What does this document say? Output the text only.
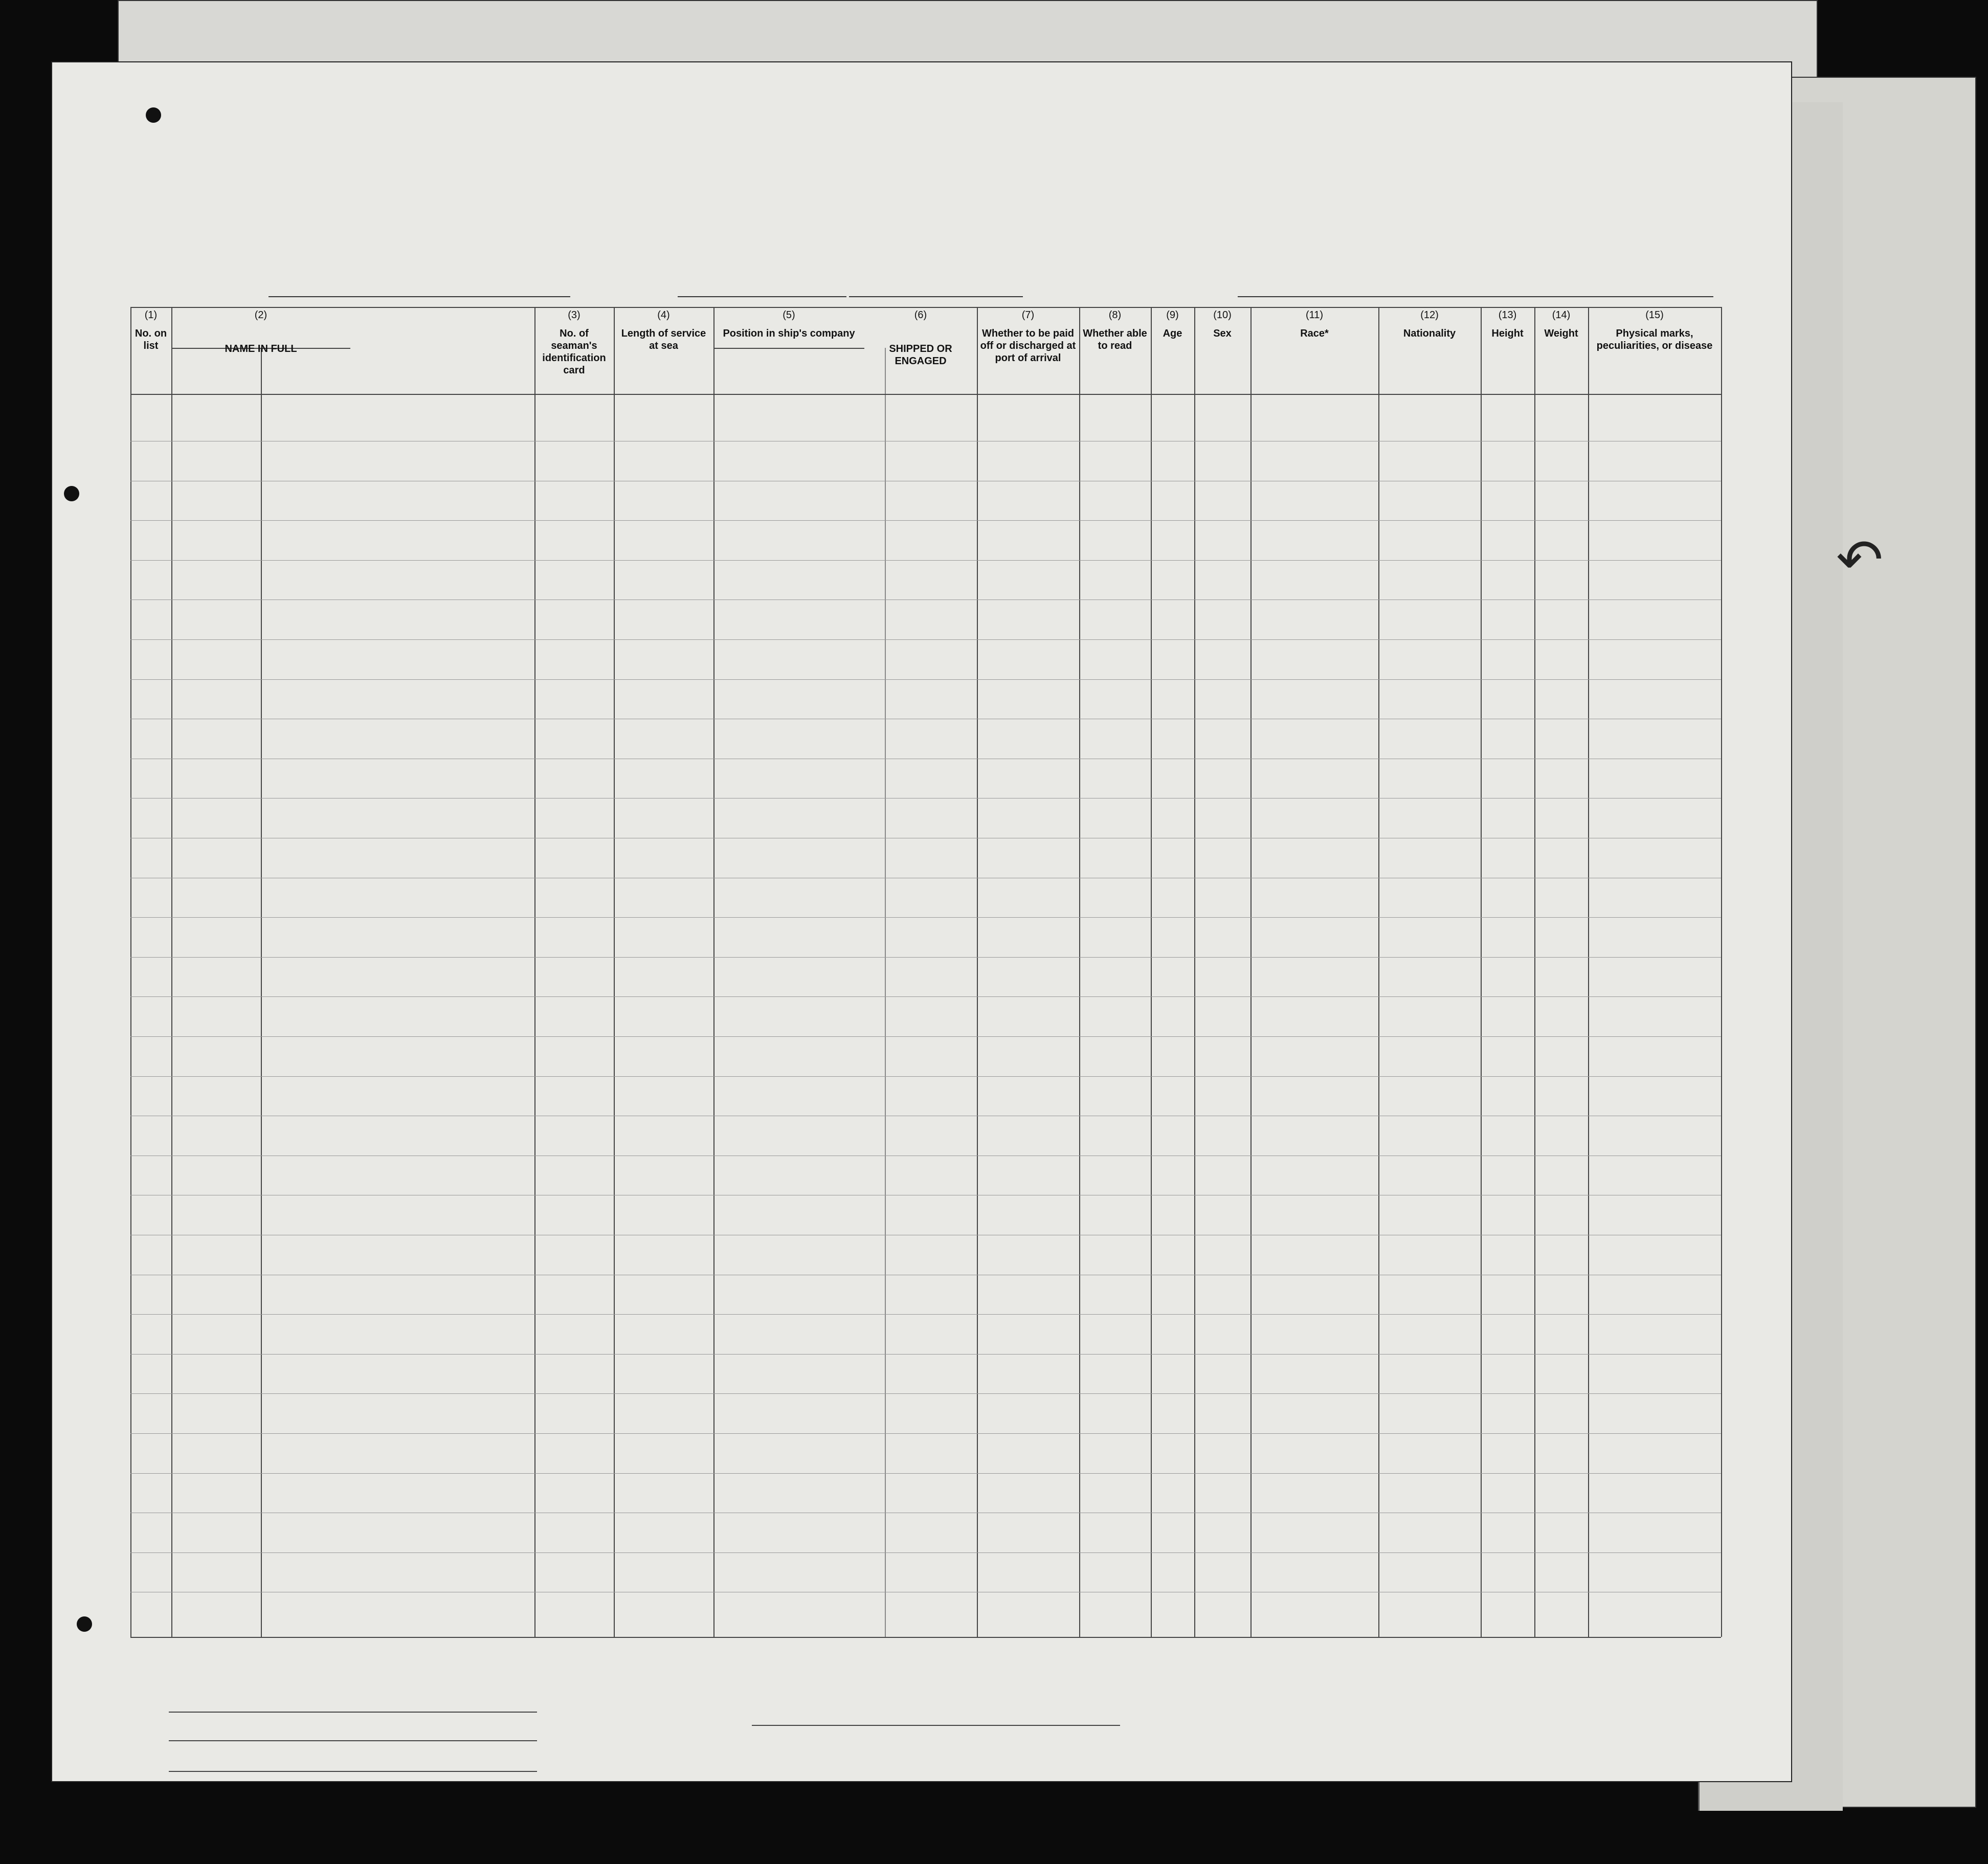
↶
(1)
No. on list
(2)
NAME IN FULL
(3)
No. of seaman's identification card
(4)
Length of service at sea
(5)
Position in ship's company
(6)
SHIPPED OR ENGAGED
(7)
Whether to be paid off or discharged at port of arrival
(8)
Whether able to read
(9)
Age
(10)
Sex
(11)
Race*
(12)
Nationality
(13)
Height
(14)
Weight
(15)
Physical marks, peculiarities, or disease
